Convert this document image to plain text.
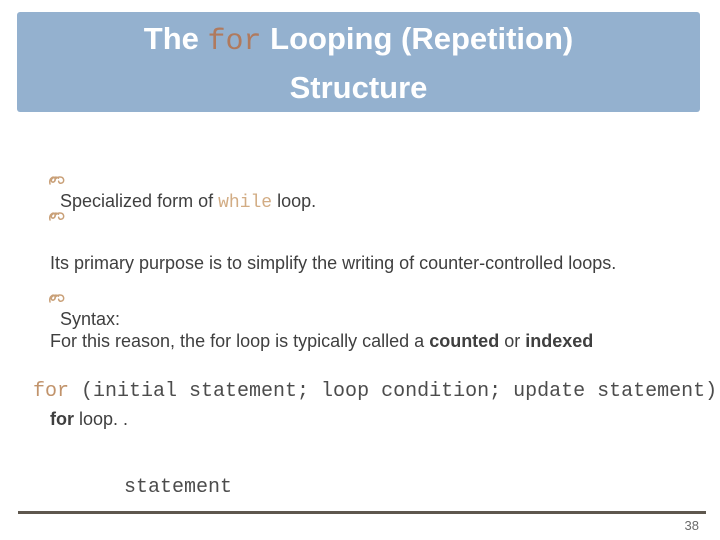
The for Looping (Repetition)
Structure

Specialized form of while loop.

Its primary purpose is to simplify the writing of counter-controlled loops.

For this reason, the for loop is typically called a counted or indexed

for loop. .

Syntax:

for (initial statement; loop condition; update statement)

statement

38
